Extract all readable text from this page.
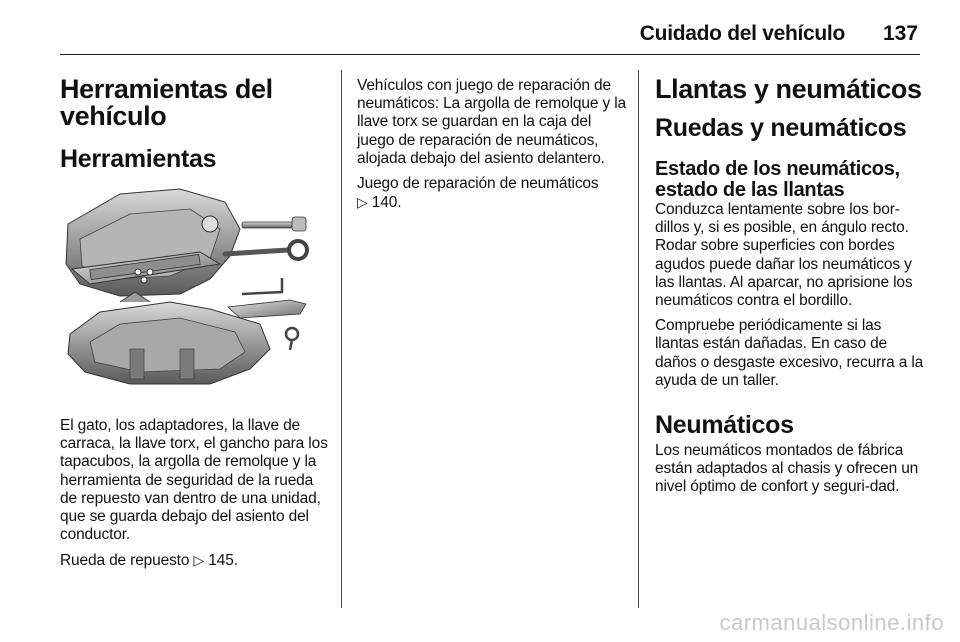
Cuidado del vehículo 137
Herramientas del vehículo
Herramientas

El gato, los adaptadores, la llave de carraca, la llave torx, el gancho para los tapacubos, la argolla de remolque y la herramienta de seguridad de la rueda de repuesto van dentro de una unidad, que se guarda debajo del asiento del conductor.

Rueda de repuesto ▷ 145.

Vehículos con juego de reparación de neumáticos: La argolla de remolque y la llave torx se guardan en la caja del juego de reparación de neumáticos, alojada debajo del asiento delantero.

Juego de reparación de neumáticos
▷ 140.

Llantas y neumáticos
Ruedas y neumáticos
Estado de los neumáticos, estado de las llantas

Conduzca lentamente sobre los bor-dillos y, si es posible, en ángulo recto. Rodar sobre superficies con bordes agudos puede dañar los neumáticos y las llantas. Al aparcar, no aprisione los neumáticos contra el bordillo.

Compruebe periódicamente si las llantas están dañadas. En caso de daños o desgaste excesivo, recurra a la ayuda de un taller.

Neumáticos

Los neumáticos montados de fábrica están adaptados al chasis y ofrecen un nivel óptimo de confort y seguri-dad.

carmanualsonline.info
